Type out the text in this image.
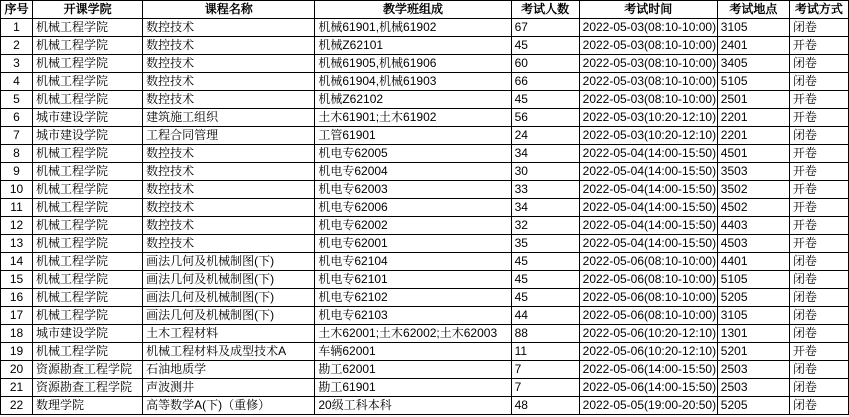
序号	开课学院	课程名称	教学班组成	考试人数	考试时间	考试地点	考试方式
1	机械工程学院	数控技术	机械61901,机械61902	67	2022-05-03(08:10-10:00)	3105	闭卷
2	机械工程学院	数控技术	机械Z62101	45	2022-05-03(08:10-10:00)	2401	开卷
3	机械工程学院	数控技术	机械61905,机械61906	60	2022-05-03(08:10-10:00)	3405	闭卷
4	机械工程学院	数控技术	机械61904,机械61903	66	2022-05-03(08:10-10:00)	5105	闭卷
5	机械工程学院	数控技术	机械Z62102	45	2022-05-03(08:10-10:00)	2501	开卷
6	城市建设学院	建筑施工组织	土木61901;土木61902	56	2022-05-03(10:20-12:10)	2201	开卷
7	城市建设学院	工程合同管理	工管61901	24	2022-05-03(10:20-12:10)	2201	闭卷
8	机械工程学院	数控技术	机电专62005	34	2022-05-04(14:00-15:50)	4501	开卷
9	机械工程学院	数控技术	机电专62004	30	2022-05-04(14:00-15:50)	3503	开卷
10	机械工程学院	数控技术	机电专62003	33	2022-05-04(14:00-15:50)	3502	开卷
11	机械工程学院	数控技术	机电专62006	34	2022-05-04(14:00-15:50)	4502	开卷
12	机械工程学院	数控技术	机电专62002	32	2022-05-04(14:00-15:50)	4403	开卷
13	机械工程学院	数控技术	机电专62001	35	2022-05-04(14:00-15:50)	4503	开卷
14	机械工程学院	画法几何及机械制图(下)	机电专62104	45	2022-05-06(08:10-10:00)	4401	闭卷
15	机械工程学院	画法几何及机械制图(下)	机电专62101	45	2022-05-06(08:10-10:00)	5105	闭卷
16	机械工程学院	画法几何及机械制图(下)	机电专62102	45	2022-05-06(08:10-10:00)	5205	闭卷
17	机械工程学院	画法几何及机械制图(下)	机电专62103	44	2022-05-06(08:10-10:00)	3105	闭卷
18	城市建设学院	土木工程材料	土木62001;土木62002;土木62003	88	2022-05-06(10:20-12:10)	1301	闭卷
19	机械工程学院	机械工程材料及成型技术A	车辆62001	11	2022-05-06(10:20-12:10)	5201	开卷
20	资源勘查工程学院	石油地质学	勘工62001	7	2022-05-06(14:00-15:50)	2503	闭卷
21	资源勘查工程学院	声波测井	勘工61901	7	2022-05-06(14:00-15:50)	2503	闭卷
22	数理学院	高等数学A(下)（重修）	20级工科本科	48	2022-05-05(19:00-20:50)	5205	闭卷
